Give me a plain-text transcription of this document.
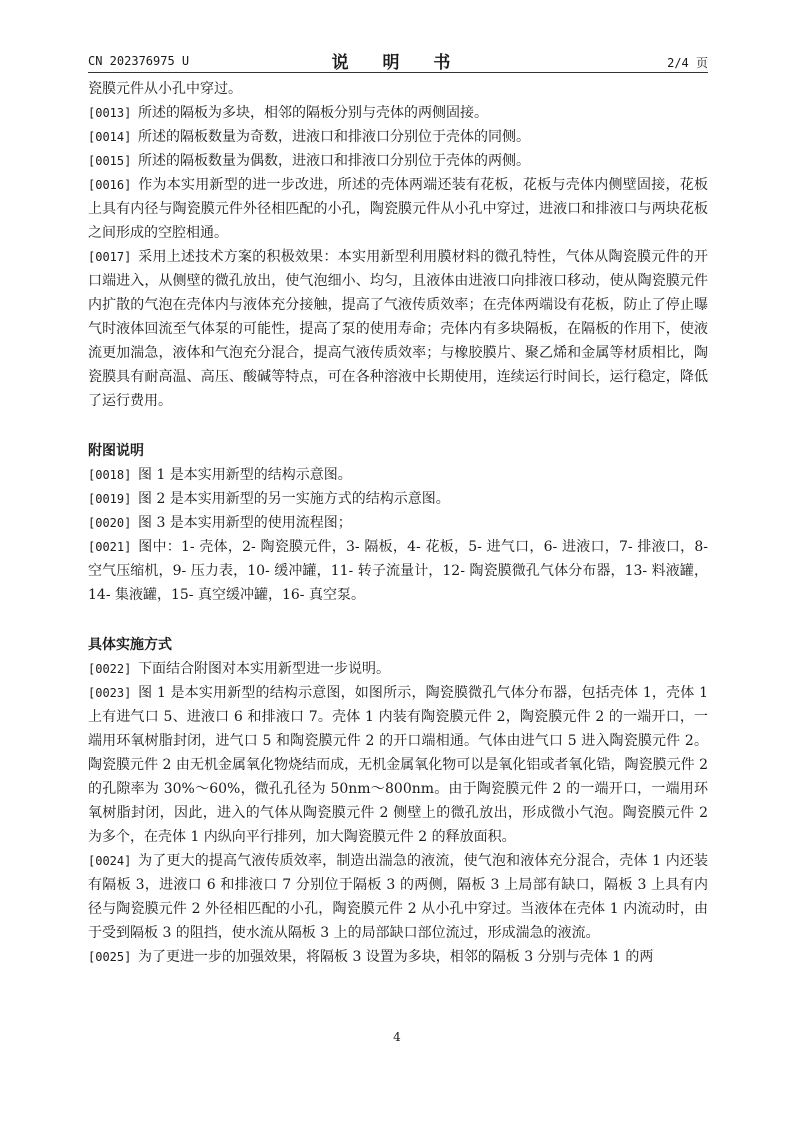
CN 202376975 U	说 明 书	2/4 页

瓷膜元件从小孔中穿过。

[0013] 所述的隔板为多块，相邻的隔板分别与壳体的两侧固接。

[0014] 所述的隔板数量为奇数，进液口和排液口分别位于壳体的同侧。

[0015] 所述的隔板数量为偶数，进液口和排液口分别位于壳体的两侧。

[0016] 作为本实用新型的进一步改进，所述的壳体两端还装有花板，花板与壳体内侧壁固接，花板上具有内径与陶瓷膜元件外径相匹配的小孔，陶瓷膜元件从小孔中穿过，进液口和排液口与两块花板之间形成的空腔相通。

[0017] 采用上述技术方案的积极效果：本实用新型利用膜材料的微孔特性，气体从陶瓷膜元件的开口端进入，从侧壁的微孔放出，使气泡细小、均匀，且液体由进液口向排液口移动，使从陶瓷膜元件内扩散的气泡在壳体内与液体充分接触，提高了气液传质效率；在壳体两端设有花板，防止了停止曝气时液体回流至气体泵的可能性，提高了泵的使用寿命；壳体内有多块隔板，在隔板的作用下，使液流更加湍急，液体和气泡充分混合，提高气液传质效率；与橡胶膜片、聚乙烯和金属等材质相比，陶瓷膜具有耐高温、高压、酸碱等特点，可在各种溶液中长期使用，连续运行时间长，运行稳定，降低了运行费用。

附图说明

[0018] 图 1 是本实用新型的结构示意图。

[0019] 图 2 是本实用新型的另一实施方式的结构示意图。

[0020] 图 3 是本实用新型的使用流程图；

[0021] 图中：1- 壳体，2- 陶瓷膜元件，3- 隔板，4- 花板，5- 进气口，6- 进液口，7- 排液口，8- 空气压缩机，9- 压力表，10- 缓冲罐，11- 转子流量计，12- 陶瓷膜微孔气体分布器，13- 料液罐，14- 集液罐，15- 真空缓冲罐，16- 真空泵。

具体实施方式

[0022] 下面结合附图对本实用新型进一步说明。

[0023] 图 1 是本实用新型的结构示意图，如图所示，陶瓷膜微孔气体分布器，包括壳体 1，壳体 1 上有进气口 5、进液口 6 和排液口 7。壳体 1 内装有陶瓷膜元件 2，陶瓷膜元件 2 的一端开口，一端用环氧树脂封闭，进气口 5 和陶瓷膜元件 2 的开口端相通。气体由进气口 5 进入陶瓷膜元件 2。陶瓷膜元件 2 由无机金属氧化物烧结而成，无机金属氧化物可以是氧化铝或者氧化锆，陶瓷膜元件 2 的孔隙率为 30%～60%，微孔孔径为 50nm～800nm。由于陶瓷膜元件 2 的一端开口，一端用环氧树脂封闭，因此，进入的气体从陶瓷膜元件 2 侧壁上的微孔放出，形成微小气泡。陶瓷膜元件 2 为多个，在壳体 1 内纵向平行排列，加大陶瓷膜元件 2 的释放面积。

[0024] 为了更大的提高气液传质效率，制造出湍急的液流，使气泡和液体充分混合，壳体 1 内还装有隔板 3，进液口 6 和排液口 7 分别位于隔板 3 的两侧，隔板 3 上局部有缺口，隔板 3 上具有内径与陶瓷膜元件 2 外径相匹配的小孔，陶瓷膜元件 2 从小孔中穿过。当液体在壳体 1 内流动时，由于受到隔板 3 的阻挡，使水流从隔板 3 上的局部缺口部位流过，形成湍急的液流。

[0025] 为了更进一步的加强效果，将隔板 3 设置为多块，相邻的隔板 3 分别与壳体 1 的两

4
